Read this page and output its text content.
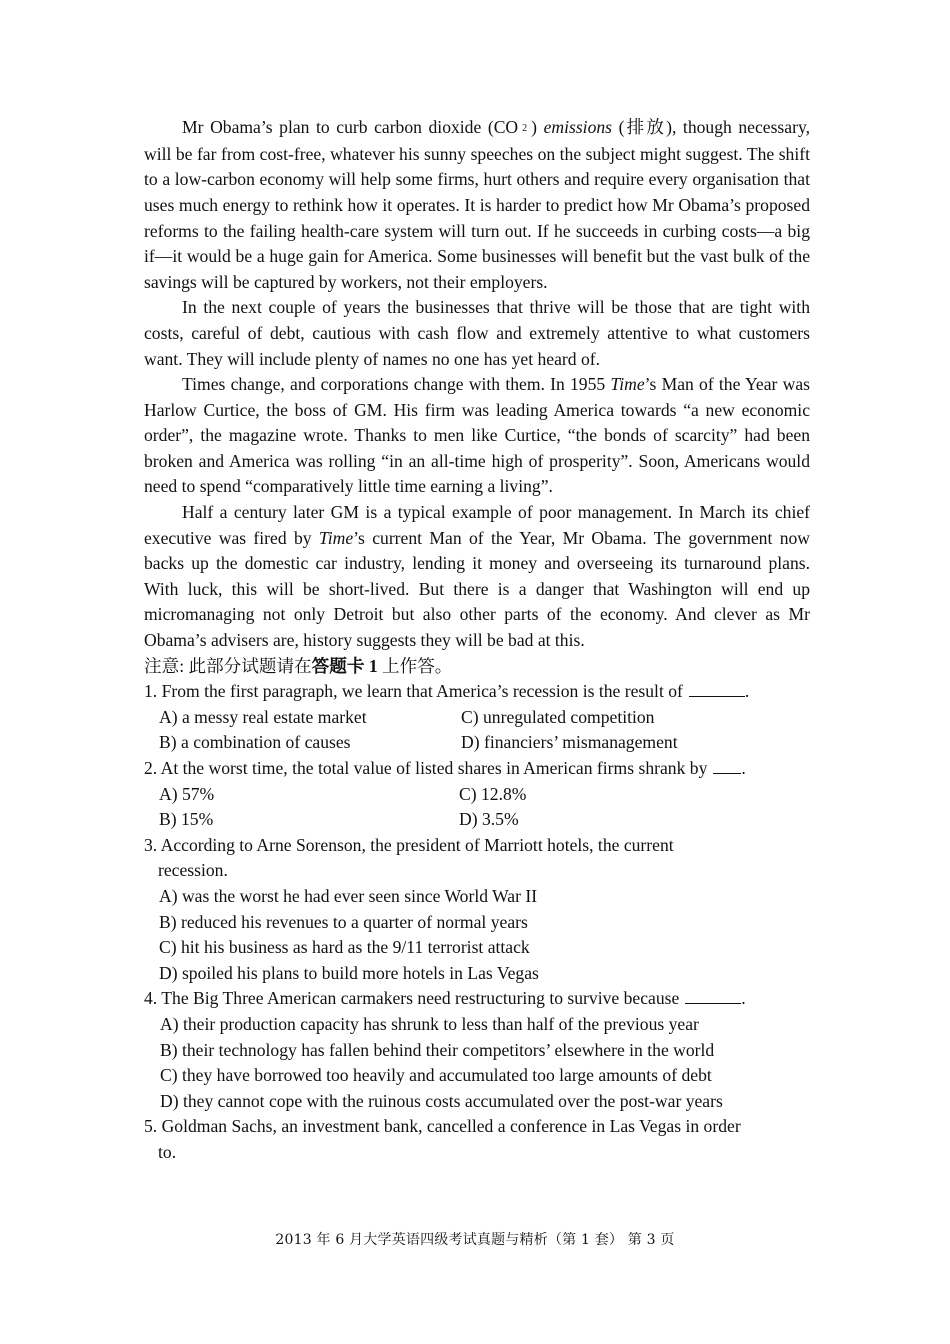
Mr Obama’s plan to curb carbon dioxide (CO 2 ) emissions (排放), though necessary, will be far from cost-free, whatever his sunny speeches on the subject might suggest. The shift to a low-carbon economy will help some firms, hurt others and require every organisation that uses much energy to rethink how it operates. It is harder to predict how Mr Obama’s proposed reforms to the failing health-care system will turn out. If he succeeds in curbing costs—a big if—it would be a huge gain for America. Some businesses will benefit but the vast bulk of the savings will be captured by workers, not their employers.

In the next couple of years the businesses that thrive will be those that are tight with costs, careful of debt, cautious with cash flow and extremely attentive to what customers want. They will include plenty of names no one has yet heard of.

Times change, and corporations change with them. In 1955 Time’s Man of the Year was Harlow Curtice, the boss of GM. His firm was leading America towards “a new economic order”, the magazine wrote. Thanks to men like Curtice, “the bonds of scarcity” had been broken and America was rolling “in an all-time high of prosperity”. Soon, Americans would need to spend “comparatively little time earning a living”.

Half a century later GM is a typical example of poor management. In March its chief executive was fired by Time’s current Man of the Year, Mr Obama. The government now backs up the domestic car industry, lending it money and overseeing its turnaround plans. With luck, this will be short-lived. But there is a danger that Washington will end up micromanaging not only Detroit but also other parts of the economy. And clever as Mr Obama’s advisers are, history suggests they will be bad at this.

注意: 此部分试题请在答题卡 1 上作答。

1. From the first paragraph, we learn that America’s recession is the result of	.

A) a messy real estate market	C) unregulated competition
B) a combination of causes	D) financiers’ mismanagement

2. At the worst time, the total value of listed shares in American firms shrank by .

A) 57%	C) 12.8%
B) 15%	D) 3.5%

3. According to Arne Sorenson, the president of Marriott hotels, the current

recession.

A) was the worst he had ever seen since World War II

B) reduced his revenues to a quarter of normal years

C) hit his business as hard as the 9/11 terrorist attack

D) spoiled his plans to build more hotels in Las Vegas

4. The Big Three American carmakers need restructuring to survive because	.

A) their production capacity has shrunk to less than half of the previous year

B) their technology has fallen behind their competitors’ elsewhere in the world

C) they have borrowed too heavily and accumulated too large amounts of debt

D) they cannot cope with the ruinous costs accumulated over the post-war years

5. Goldman Sachs, an investment bank, cancelled a conference in Las Vegas in order

to.

2013 年 6 月大学英语四级考试真题与精析（第 1 套） 第 3 页
